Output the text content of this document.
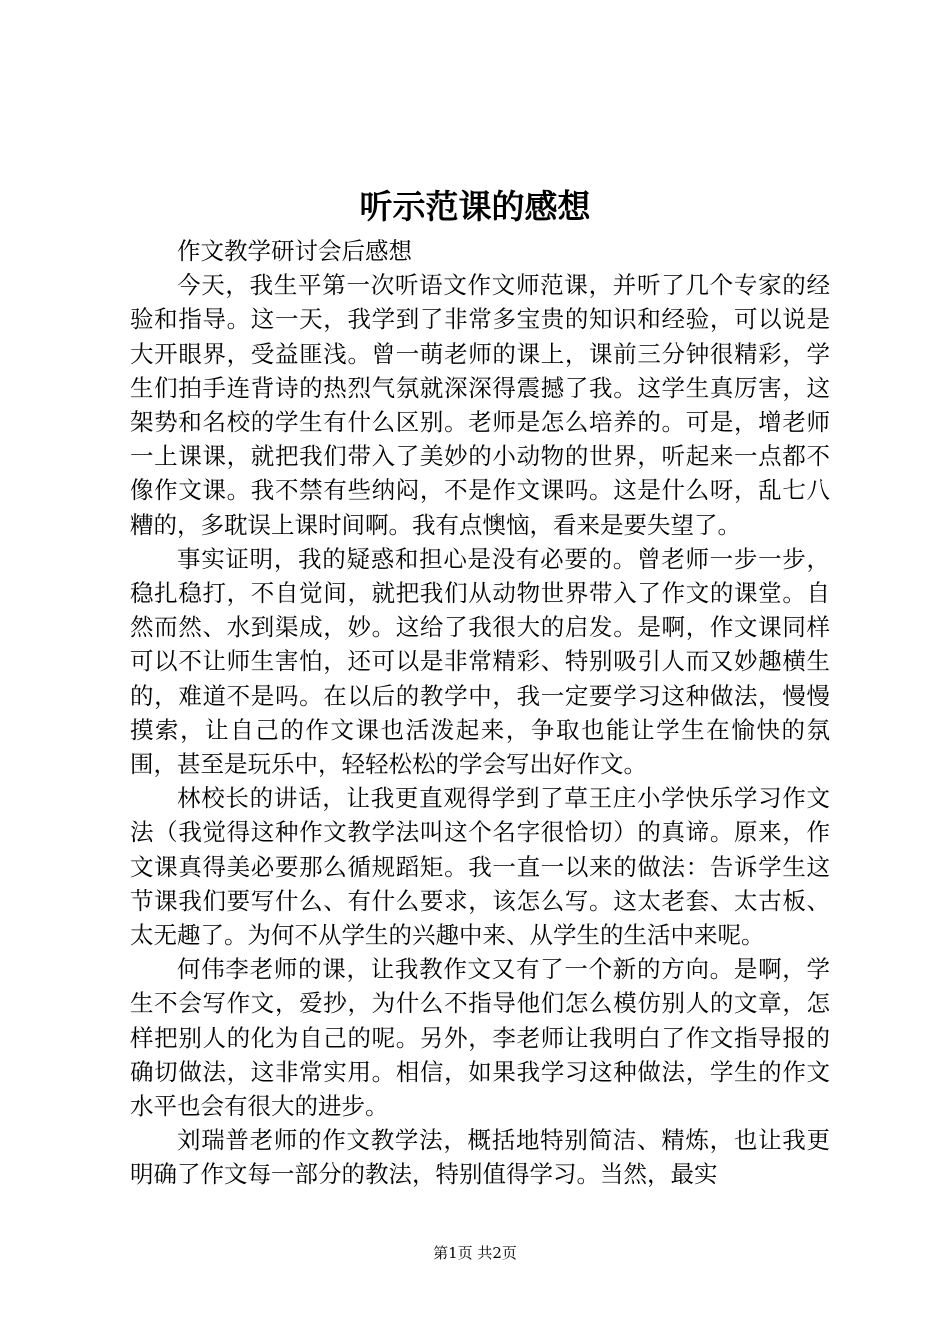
听示范课的感想

作文教学研讨会后感想

今天，我生平第一次听语文作文师范课，并听了几个专家的经验和指导。这一天，我学到了非常多宝贵的知识和经验，可以说是大开眼界，受益匪浅。曾一萌老师的课上，课前三分钟很精彩，学生们拍手连背诗的热烈气氛就深深得震撼了我。这学生真厉害，这架势和名校的学生有什么区别。老师是怎么培养的。可是，增老师一上课课，就把我们带入了美妙的小动物的世界，听起来一点都不像作文课。我不禁有些纳闷，不是作文课吗。这是什么呀，乱七八糟的，多耽误上课时间啊。我有点懊恼，看来是要失望了。

事实证明，我的疑惑和担心是没有必要的。曾老师一步一步，稳扎稳打，不自觉间，就把我们从动物世界带入了作文的课堂。自然而然、水到渠成，妙。这给了我很大的启发。是啊，作文课同样可以不让师生害怕，还可以是非常精彩、特别吸引人而又妙趣横生的，难道不是吗。在以后的教学中，我一定要学习这种做法，慢慢摸索，让自己的作文课也活泼起来，争取也能让学生在愉快的氛围，甚至是玩乐中，轻轻松松的学会写出好作文。

林校长的讲话，让我更直观得学到了草王庄小学快乐学习作文法（我觉得这种作文教学法叫这个名字很恰切）的真谛。原来，作文课真得美必要那么循规蹈矩。我一直一以来的做法：告诉学生这节课我们要写什么、有什么要求，该怎么写。这太老套、太古板、太无趣了。为何不从学生的兴趣中来、从学生的生活中来呢。

何伟李老师的课，让我教作文又有了一个新的方向。是啊，学生不会写作文，爱抄，为什么不指导他们怎么模仿别人的文章，怎样把别人的化为自己的呢。另外，李老师让我明白了作文指导报的确切做法，这非常实用。相信，如果我学习这种做法，学生的作文水平也会有很大的进步。

刘瑞普老师的作文教学法，概括地特别简洁、精炼，也让我更明确了作文每一部分的教法，特别值得学习。当然，最实

第1页 共2页
